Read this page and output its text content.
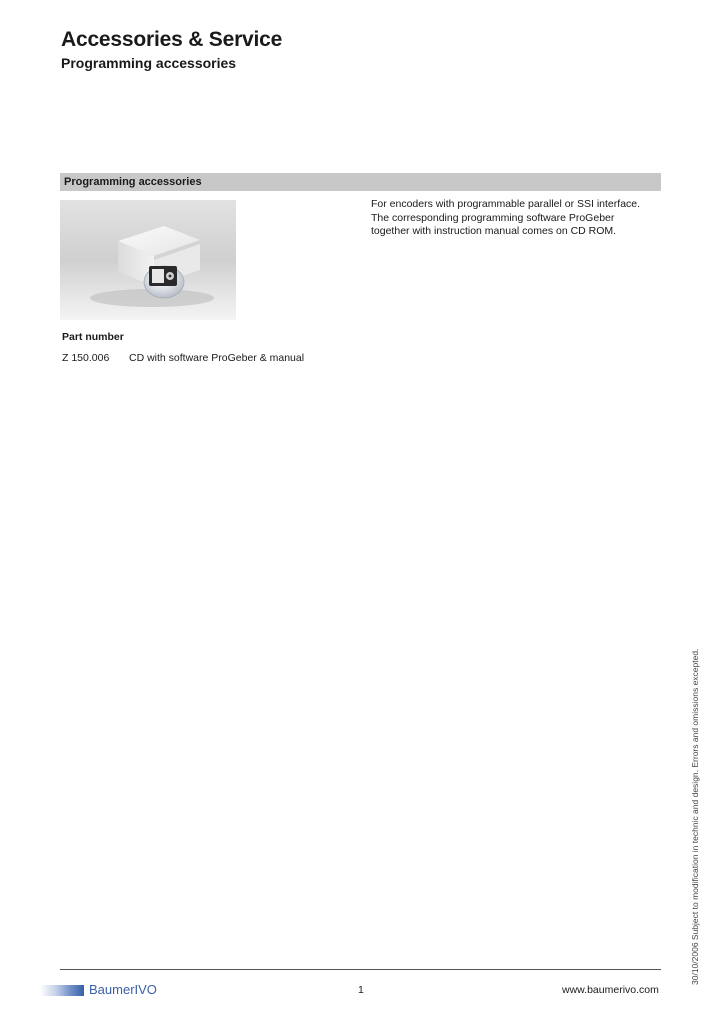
Accessories & Service
Programming accessories
Programming accessories
For encoders with programmable parallel or SSI interface.
The corresponding programming software ProGeber
together with instruction manual comes on CD ROM.
Part number
Z 150.006 CD with software ProGeber & manual
30/10/2006 Subject to modification in technic and design. Errors and omissions excepted.
BaumerIVO	1	www.baumerivo.com
